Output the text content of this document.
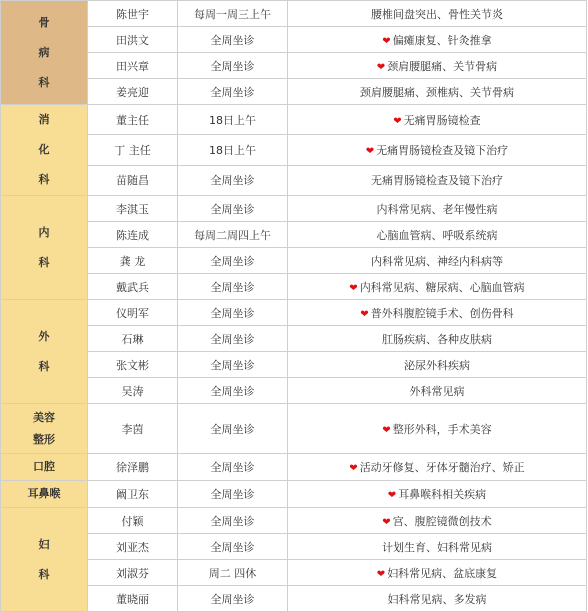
骨
病
科	陈世宇	每周一周三上午	腰椎间盘突出、骨性关节炎
	田洪文	全周坐诊	❤ 偏瘫康复、针灸推拿
	田兴章	全周坐诊	❤ 颈肩腰腿痛、关节骨病
	姜亮迎	全周坐诊	颈肩腰腿痛、颈椎病、关节骨病
消
化
科	董主任	18日上午	❤ 无痛胃肠镜检查
	丁 主任	18日上午	❤ 无痛胃肠镜检查及镜下治疗
	苗随昌	全周坐诊	无痛胃肠镜检查及镜下治疗
内
科	李淇玉	全周坐诊	内科常见病、老年慢性病
	陈连成	每周二周四上午	心脑血管病、呼吸系统病
	龚 龙	全周坐诊	内科常见病、神经内科病等
	戴武兵	全周坐诊	❤ 内科常见病、糖尿病、心脑血管病
外
科	仪明军	全周坐诊	❤ 普外科腹腔镜手术、创伤骨科
	石琳	全周坐诊	肛肠疾病、各种皮肤病
	张文彬	全周坐诊	泌尿外科疾病
	吴涛	全周坐诊	外科常见病
美容
整形	李茵	全周坐诊	❤ 整形外科，手术美容
口腔	徐泽鹏	全周坐诊	❤ 活动牙修复、牙体牙髓治疗、矫正
耳鼻喉	阚卫东	全周坐诊	❤ 耳鼻喉科相关疾病
妇
科	付颖	全周坐诊	❤ 宫、腹腔镜微创技术
	刘亚杰	全周坐诊	计划生育、妇科常见病
	刘淑芬	周二 四休	❤ 妇科常见病、盆底康复
	董晓丽	全周坐诊	妇科常见病、多发病
